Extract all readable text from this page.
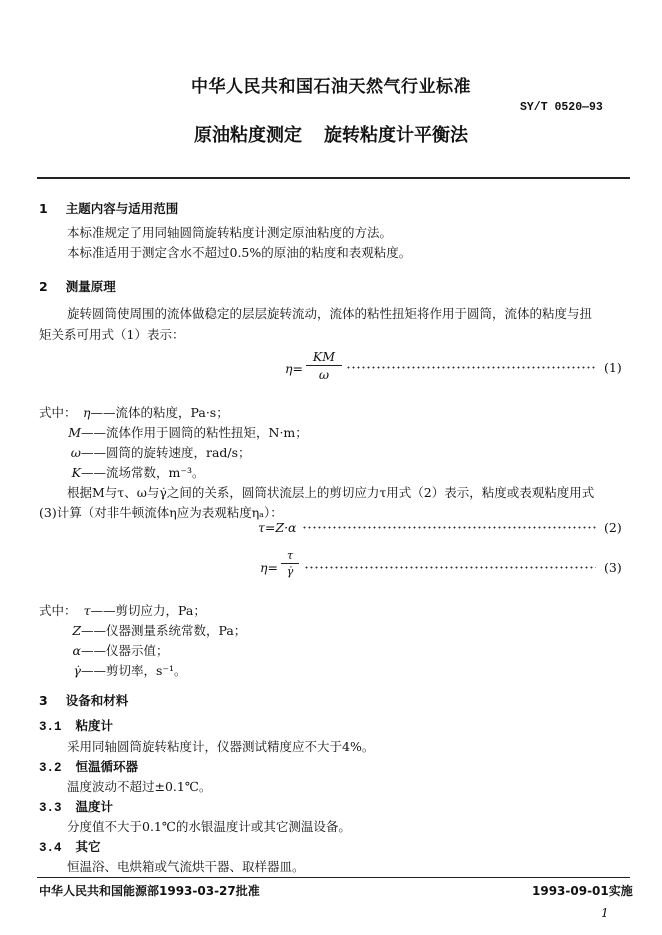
中华人民共和国石油天然气行业标准
SY/T 0520—93
原油粘度测定 旋转粘度计平衡法
1 主题内容与适用范围
本标准规定了用同轴圆筒旋转粘度计测定原油粘度的方法。
本标准适用于测定含水不超过0.5%的原油的粘度和表观粘度。
2 测量原理
旋转圆筒使周围的流体做稳定的层层旋转流动，流体的粘性扭矩将作用于圆筒，流体的粘度与扭
矩关系可用式（1）表示：
η=
KM
ω	(1)
式中： η——流体的粘度，Pa·s；
M——流体作用于圆筒的粘性扭矩，N·m；
ω——圆筒的旋转速度，rad/s；
K——流场常数，m⁻³。
根据M与τ、ω与γ̇之间的关系，圆筒状流层上的剪切应力τ用式（2）表示，粘度或表观粘度用式
(3)计算（对非牛顿流体η应为表观粘度ηₐ）：
τ=Z·α	(2)
η=
τ
γ̇	(3)
式中： τ——剪切应力，Pa；
Z——仪器测量系统常数，Pa；
α——仪器示值；
γ̇——剪切率，s⁻¹。
3 设备和材料
3.1 粘度计
采用同轴圆筒旋转粘度计，仪器测试精度应不大于4%。
3.2 恒温循环器
温度波动不超过±0.1℃。
3.3 温度计
分度值不大于0.1℃的水银温度计或其它测温设备。
3.4 其它
恒温浴、电烘箱或气流烘干器、取样器皿。
中华人民共和国能源部1993-03-27批准	1993-09-01实施
1
